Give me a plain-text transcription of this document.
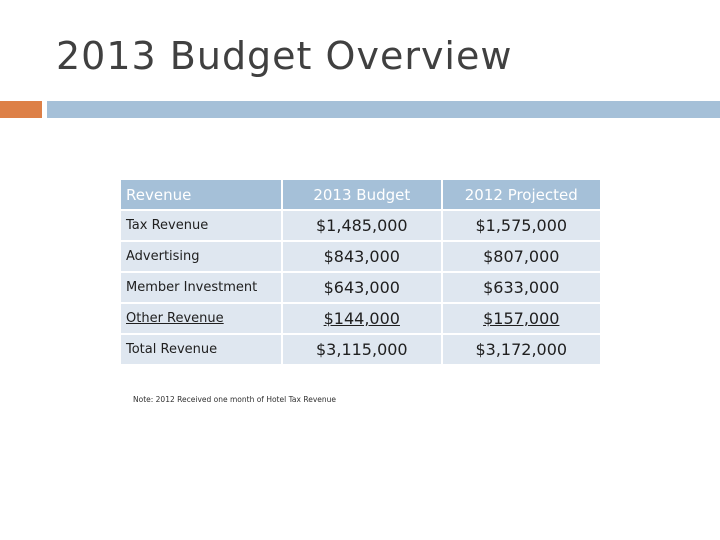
2013 Budget Overview
Revenue	2013 Budget	2012 Projected
Tax Revenue	$1,485,000	$1,575,000
Advertising	$843,000	$807,000
Member Investment	$643,000	$633,000
Other Revenue	$144,000	$157,000
Total Revenue	$3,115,000	$3,172,000
Note: 2012 Received one month of Hotel Tax Revenue
